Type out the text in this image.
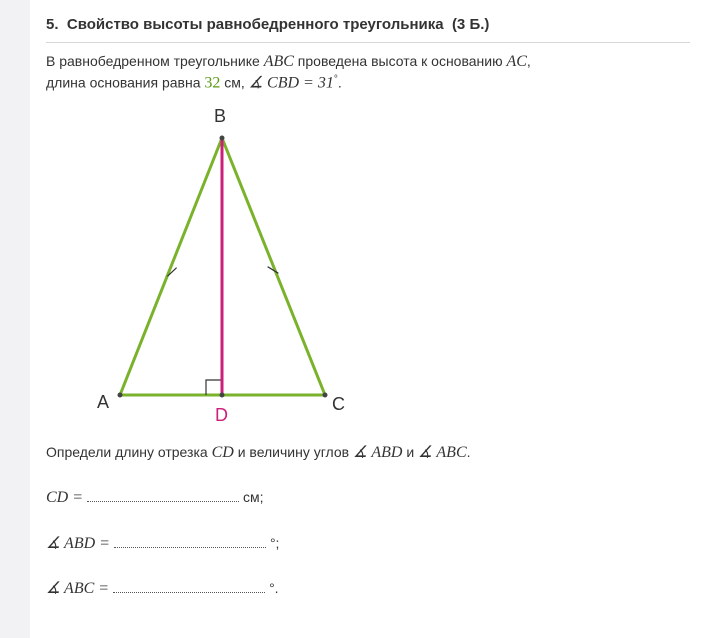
5. Свойство высоты равнобедренного треугольника (3 Б.)
В равнобедренном треугольнике ABC проведена высота к основанию AC,
длина основания равна 32 см, ∡ CBD = 31°.
B
A	C
D
Определи длину отрезка CD и величину углов ∡ ABD и ∡ ABC.
CD =	см;
∡ ABD =	°;
∡ ABC =	°.
